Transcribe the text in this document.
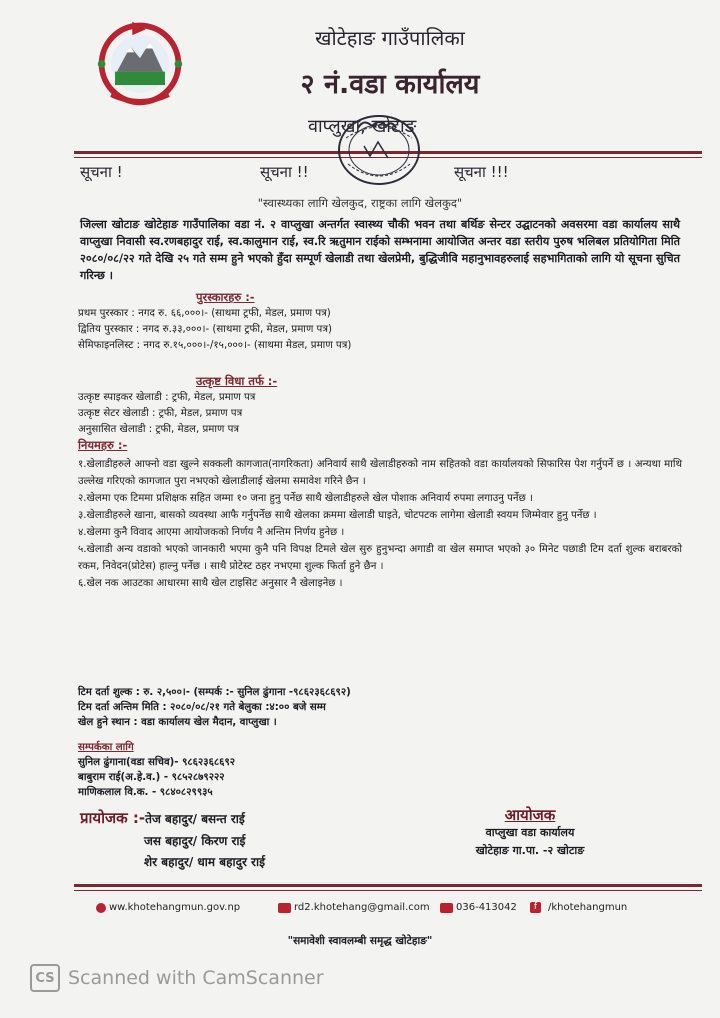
खोटेहाङ गाउँपालिका
२ नं.वडा कार्यालय
वाप्लुखा, खोटाङ
सूचना !	सूचना !!	सूचना !!!
"स्वास्थ्यका लागि खेलकुद, राष्ट्रका लागि खेलकुद"
जिल्ला खोटाङ खोटेहाङ गाउँपालिका वडा नं. २ वाप्लुखा अन्तर्गत स्वास्थ्य चौकी भवन तथा बर्थिङ सेन्टर उद्घाटनको अवसरमा वडा कार्यालय साथै वाप्लुखा निवासी स्व.रणबहादुर राई, स्व.कालुमान राई, स्व.रि ऋतुमान राईको सम्भनामा आयोजित अन्तर वडा स्तरीय पुरुष भलिबल प्रतियोगिता मिति २०८०/०८/२२ गते देखि २५ गते सम्म हुने भएको हुँदा सम्पूर्ण खेलाडी तथा खेलप्रेमी, बुद्धिजीवि महानुभावहरुलाई सहभागिताको लागि यो सूचना सुचित गरिन्छ ।
पुरस्कारहरु :-
प्रथम पुरस्कार : नगद रु. ६६,०००।- (साथमा ट्रफी, मेडल, प्रमाण पत्र)
द्वितिय पुरस्कार : नगद रु.३३,०००।- (साथमा ट्रफी, मेडल, प्रमाण पत्र)
सेमिफाइनलिस्ट : नगद रु.१५,०००।-/१५,०००।- (साथमा मेडल, प्रमाण पत्र)
उत्कृष्ट विधा तर्फ :-
उत्कृष्ट स्पाइकर खेलाडी : ट्रफी, मेडल, प्रमाण पत्र
उत्कृष्ट सेटर खेलाडी : ट्रफी, मेडल, प्रमाण पत्र
अनुसासित खेलाडी : ट्रफी, मेडल, प्रमाण पत्र
नियमहरु :-

१.खेलाडीहरुले आफ्नो वडा खुल्ने सक्कली कागजात(नागरिकता) अनिवार्य साथै खेलाडीहरुको नाम सहितको वडा कार्यालयको सिफारिस पेश गर्नुपर्ने छ । अन्यथा माथि उल्लेख गरिएको कागजात पुरा नभएको खेलाडीलाई खेलमा समावेश गरिने छैन ।

२.खेलमा एक टिममा प्रशिक्षक सहित जम्मा १० जना हुनु पर्नेछ साथै खेलाडीहरुले खेल पोशाक अनिवार्य रुपमा लगाउनु पर्नेछ ।

३.खेलाडीहरुले खाना, बासको व्यवस्था आफै गर्नुपर्नेछ साथै खेलका क्रममा खेलाडी घाइते, चोटपटक लागेमा खेलाडी स्वयम जिम्मेवार हुनु पर्नेछ ।

४.खेलमा कुनै विवाद आएमा आयोजकको निर्णय नै अन्तिम निर्णय हुनेछ ।

५.खेलाडी अन्य वडाको भएको जानकारी भएमा कुनै पनि विपक्ष टिमले खेल सुरु हुनुभन्दा अगाडी वा खेल समाप्त भएको ३० मिनेट पछाडी टिम दर्ता शुल्क बराबरको रकम, निवेदन(प्रोटेस) हाल्नु पर्नेछ । साथै प्रोटेस्ट ठहर नभएमा शुल्क फिर्ता हुने छैन ।

६.खेल नक आउटका आधारमा साथै खेल टाइसिट अनुसार नै खेलाइनेछ ।

टिम दर्ता शुल्क : रु. २,५००।- (सम्पर्क :- सुनिल ढुंगाना -९८६२३६८६९२)
टिम दर्ता अन्तिम मिति : २०८०/०८/२१ गते बेलुका :४:०० बजे सम्म
खेल हुने स्थान : वडा कार्यालय खेल मैदान, वाप्लुखा ।
सम्पर्कका लागि
सुनिल ढुंगाना(वडा सचिव)- ९८६२३६८६९२
बाबुराम राई(अ.हे.व.) - ९८५२८७९२२२
माणिकलाल वि.क. - ९८४०८२९९३५
प्रायोजक :-तेज बहादुर/ बसन्त राई
जस बहादुर/ किरण राई
शेर बहादुर/ धाम बहादुर राई
आयोजक
वाप्लुखा वडा कार्यालय
खोटेहाङ गा.पा. -२ खोटाङ
ww.khotehangmun.gov.np	rd2.khotehang@gmail.com	036-413042	f	/khotehangmun
"समावेशी स्वावलम्बी समृद्ध खोटेहाङ"
CS Scanned with CamScanner
